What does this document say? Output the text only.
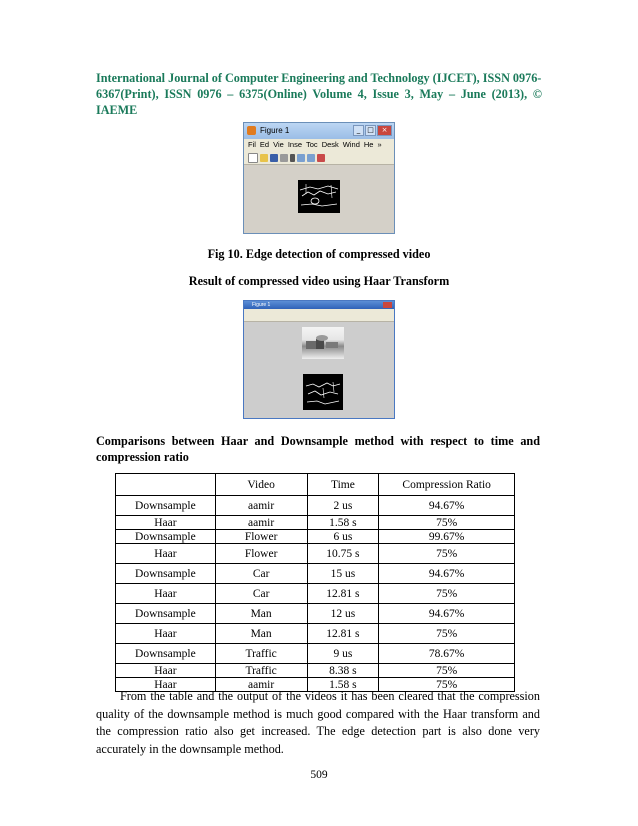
International Journal of Computer Engineering and Technology (IJCET), ISSN 0976-
6367(Print), ISSN 0976 – 6375(Online) Volume 4, Issue 3, May – June (2013), © IAEME
Figure 1	_ □	×
Fil Ed Vie Inse Toc Desk Wind He »
Fig 10. Edge detection of compressed video
Result of compressed video using Haar Transform
Figure 1
Comparisons between Haar and Downsample method with respect to time and compression ratio
	Video	Time	Compression Ratio
Downsample	aamir	2 us	94.67%
Haar	aamir	1.58 s	75%
Downsample	Flower	6 us	99.67%
Haar	Flower	10.75 s	75%
Downsample	Car	15 us	94.67%
Haar	Car	12.81 s	75%
Downsample	Man	12 us	94.67%
Haar	Man	12.81 s	75%
Downsample	Traffic	9 us	78.67%
Haar	Traffic	8.38 s	75%
Haar	aamir	1.58 s	75%

From the table and the output of the videos it has been cleared that the compression quality of the downsample method is much good compared with the Haar transform and the compression ratio also get increased. The edge detection part is also done very accurately in the downsample method.

509
